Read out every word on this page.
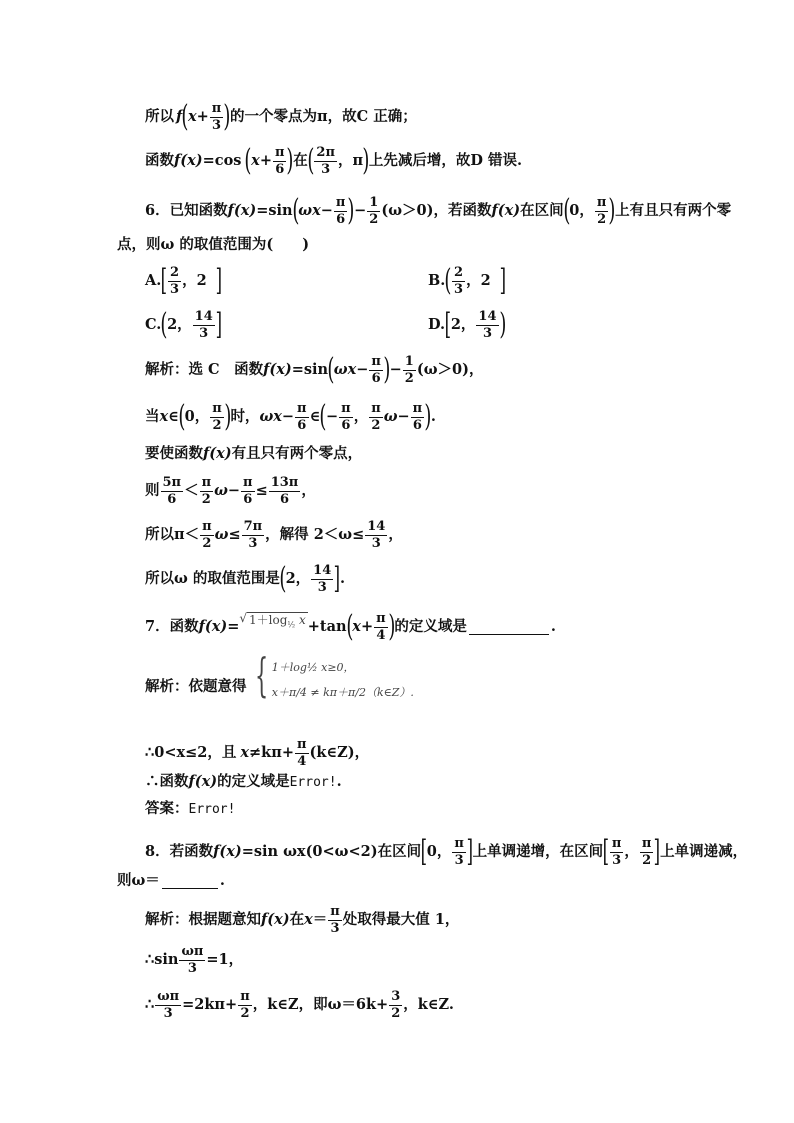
所以 f ( $x + \frac{\pi}{3}$ ) 的一个零点为π，故C 正确；
函数 f(x) =cos ( $x + \frac{\pi}{6}$ ) 在 ( $\frac{2\pi}{3}$ ，π ) 上先减后增，故D 错误.
6．已知函数 f(x) =sin ( $\omega x - \frac{\pi}{6}$ ) − $\frac{1}{2} (\omega>0)$，若函数 f(x) 在区间 ( 0， $\frac{\pi}{2}$ ) 上有且只有两个零
点，则ω 的取值范围为(　　)
A. [ $\frac{2}{3}$ ，2 ]	B. ( $\frac{2}{3}$ ，2 ]
C. ( 2， $\frac{14}{3}$ ]	D. [ 2， $\frac{14}{3}$ )
解析：选 C　函数 f(x) =sin ( $\omega x - \frac{\pi}{6}$ ) − $\frac{1}{2} (\omega>0)$，
当 x ∈ ( 0， $\frac{\pi}{2}$ ) 时， $\omega x - \frac{\pi}{6}$ ∈ ( − $\frac{\pi}{6}$ ， $\frac{\pi}{2}$ $\omega - \frac{\pi}{6}$ ) .
要使函数 f(x) 有且只有两个零点，
则 $\frac{5\pi}{6} < \frac{\pi}{2}$ $\omega - \frac{\pi}{6} \le \frac{13\pi}{6}$ ，
所以$\pi< \frac{\pi}{2}$ $\omega \le \frac{7\pi}{3}$ ，解得 $2<\omega\le \frac{14}{3}$ ，
所以ω 的取值范围是 ( 2， $\frac{14}{3}$ ] .
7．函数 f(x) = √ $1+\log_{\frac{1}{2}}$ x +tan ( $x + \frac{\pi}{4}$ ) 的定义域是	.
解析：依题意得 { 1＋log½ x≥0，
x＋π/4 ≠ kπ＋π/2（k∈Z）.
∴0<x≤2，且 $x \ne k\pi+ \frac{\pi}{4}$ (k∈Z)，
∴函数 f(x) 的定义域是 Error! .
答案： Error!
8．若函数 f(x) =sin ωx(0<ω<2)在区间 [ 0， $\frac{\pi}{3}$ ] 上单调递增，在区间 [ $\frac{\pi}{3}$ ， $\frac{\pi}{2}$ ] 上单调递减，
则ω＝	.
解析：根据题意知 f(x) 在 $x = \frac{\pi}{3}$ 处取得最大值 1，
∴sin $\frac{\omega\pi}{3} =1$，
∴ $\frac{\omega\pi}{3} =2k\pi+ \frac{\pi}{2}$ ，k∈Z，即$\omega=6k+ \frac{3}{2}$ ，k∈Z.
